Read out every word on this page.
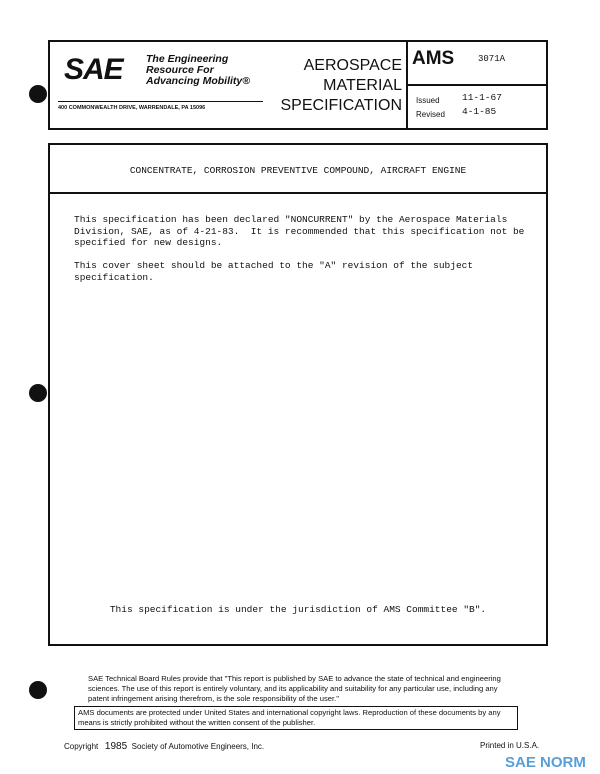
SAE The Engineering
Resource For
Advancing Mobility®
400 COMMONWEALTH DRIVE, WARRENDALE, PA 15096
AEROSPACE
MATERIAL
SPECIFICATION
AMS	3071A
Issued 11-1-67
Revised 4-1-85
CONCENTRATE, CORROSION PREVENTIVE COMPOUND, AIRCRAFT ENGINE
This specification has been declared "NONCURRENT" by the Aerospace Materials
Division, SAE, as of 4-21-83.  It is recommended that this specification not be
specified for new designs.
This cover sheet should be attached to the "A" revision of the subject
specification.
This specification is under the jurisdiction of AMS Committee "B".
SAE Technical Board Rules provide that "This report is published by SAE to advance the state of technical and engineering sciences. The use of this report is entirely voluntary, and its applicability and suitability for any particular use, including any patent infringement arising therefrom, is the sole responsibility of the user."
AMS documents are protected under United States and international copyright laws. Reproduction of these documents by any means is strictly prohibited without the written consent of the publisher.
Copyright 1985 Society of Automotive Engineers, Inc.	Printed in U.S.A.
SAE NORM
